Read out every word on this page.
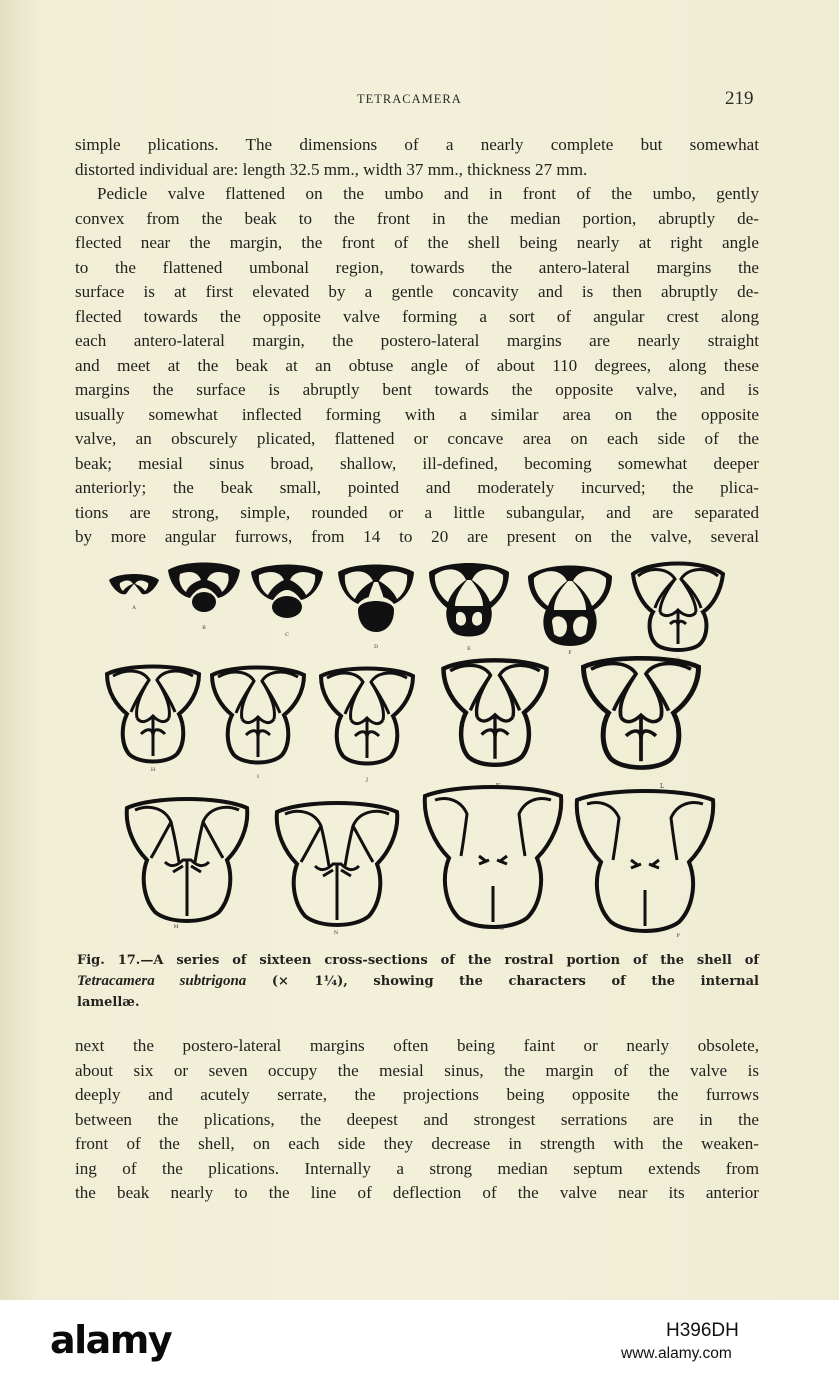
TETRACAMERA	219
simple plications. The dimensions of a nearly complete but somewhat
distorted individual are: length 32.5 mm., width 37 mm., thickness 27 mm.
Pedicle valve flattened on the umbo and in front of the umbo, gently
convex from the beak to the front in the median portion, abruptly de-
flected near the margin, the front of the shell being nearly at right angle
to the flattened umbonal region, towards the antero-lateral margins the
surface is at first elevated by a gentle concavity and is then abruptly de-
flected towards the opposite valve forming a sort of angular crest along
each antero-lateral margin, the postero-lateral margins are nearly straight
and meet at the beak at an obtuse angle of about 110 degrees, along these
margins the surface is abruptly bent towards the opposite valve, and is
usually somewhat inflected forming with a similar area on the opposite
valve, an obscurely plicated, flattened or concave area on each side of the
beak; mesial sinus broad, shallow, ill-defined, becoming somewhat deeper
anteriorly; the beak small, pointed and moderately incurved; the plica-
tions are strong, simple, rounded or a little subangular, and are separated
by more angular furrows, from 14 to 20 are present on the valve, several
A
B
C
D	E
F
H
I	J
L
M
N
O
P
Fig. 17.—A series of sixteen cross-sections of the rostral portion of the shell of
Tetracamera subtrigona (× 1¼), showing the characters of the internal
lamellæ.
next the postero-lateral margins often being faint or nearly obsolete,
about six or seven occupy the mesial sinus, the margin of the valve is
deeply and acutely serrate, the projections being opposite the furrows
between the plications, the deepest and strongest serrations are in the
front of the shell, on each side they decrease in strength with the weaken-
ing of the plications. Internally a strong median septum extends from
the beak nearly to the line of deflection of the valve near its anterior
alamy	H396DH
www.alamy.com
